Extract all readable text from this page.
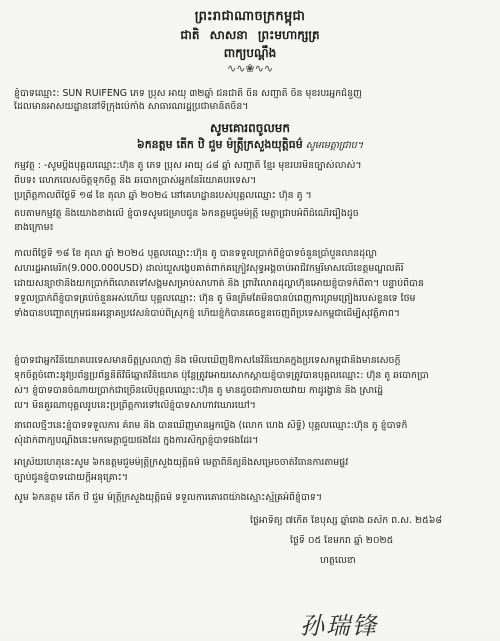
ព្រះរាជាណាចក្រកម្ពុជា
ជាតិ សាសនា ព្រះមហាក្សត្រ
ពាក្យបណ្តឹង
∿∿❀∿∿
ខ្ញុំបាទឈ្មោះ: SUN RUIFENG ភេទ ប្រុស អាយុ ៣២ឆ្នាំ ជនជាតិ ចិន សញ្ជាតិ ចិន មុខរបរអ្នកជំនួញ
ដែលមានអាសយដ្ឋាននៅទីក្រុងប៉េកាំង សាធារណរដ្ឋប្រជាមានិតចិន។
សូមគោរពចូលមក
៦កនត្ដម តើក ឋិ ជួម ម៉ត្ក្រីក្រសួងយុត្តិធម៌ សូមមេត្តាជ្រាប។
កម្មវត្ថុ : -សូមប្តឹងបុគ្គលឈ្មោះ:ហ៊ុន តូ ភេទ ប្រុស អាយុ ៤៨ ឆ្នាំ សញ្ជាតិ ខ្មែរ មុខរបរមិនច្បាស់លាស់។
ពីបទ៖ លោភលេសចិត្តទុកចិត្ត និង ឆបោកប្រាស់អ្នកនៃរិយោគបរទេស។
ប្រព្រឹត្តកាលពីថ្ងៃទី ១៨ ខែ តុលា ឆ្នាំ ២០២៤ នៅគេហដ្ឋានរបស់បុគ្គលឈ្មោះ ហ៊ុន តូ ។
តបតាមកម្មវត្ថុ និងយោងខាងលើ ខ្ញុំបាទសូមជម្រាបជូន ៦កនត្ដមជួមម៉ត្ក្រី មេត្តាជ្រាបអំពីដំណើររឿងដូច
ខាងក្រោម៖
កាលពីថ្ងៃទី ១៨ ខែ តុលា ឆ្នាំ ២០២៤ បុគ្គលឈ្មោះ:ហ៊ុន តូ បានទទួលប្រាក់ពីខ្ញុំបាទចំនួនប្រាំបួនលានដុល្លា
សហរដ្ឋអាមេរិក(9.000.000USD) ដាល់យួសង្ខេបគាត់ពាក់គក្រៀវសុទ្ធអង្គចាប់អាជីវកម្មរីមាសលើខេត្តមណ្ឌលគិរី
ដោយសន្យាថានឹងយកប្រាក់ពីលោតទៅសង្គមសម្រាប់សាហាត់ និង ព្រាវិលោតដុល្លាហ៊ុនអោយខ្ញុំបាទកំពីតា។ បន្ទាប់ពីបាន
ទទួលប្រាក់ពីខ្ញុំបាទគ្រប់ចំនួនអស់ហើយ បុគ្គលឈ្មោះ: ហ៊ុន តូ មិនត្រឹមតែមិនបានបំពេញការព្រមព្រៀងរបស់ខ្លួនទេ ថែម
ទាំងបានបញ្ឆោតក្រុមជនអន្តោគប្រវេសន៍បាប់ពីស្រុកខ្ញុំ ហើយខ្ញុំក៏បានគេចខ្លួនចេញពីប្រទេសកម្ពុជាដើម្បីសុវត្ថិភាព។
ខ្ញុំបាទជាអ្នកវិនិយោគបរទេសមានចិត្តស្រលាញ់ និង មើលឃើញឱកាសនៃវិនិយោគក្នុងប្រទេសកម្ពុជានិងមានសេចក្តី
ទុកចិត្តចំពោះនូវប្រព័ន្ធប្រព័ន្ធនិតិវិធីឆ្នោតវិនិយោគ ប៉ុន្តែត្រូវអោយសោកស្តាយខ្ញុំបាទត្រូវបានបុគ្គលឈ្មោះ: ហ៊ុន តូ ឆបោកប្រា
ស់។ ខ្ញុំបាទបានចំណាយប្រាក់ជាច្រើនលើបុគ្គលឈ្មោះ:ហ៊ុន តូ មានដូចជាការចាយវាយ កាដូរង្វាន់ និង ស្រាដ្ឋេ៍
ល។ មិនគួរណាបុគ្គលរូបនេះប្រព្រឹត្តការទៅលើខ្ញុំបាទសាហាវឃោរឃៅ។
នាពេលថ្មីៗនេះខ្ញុំបាទទទួលការ គំរាម និង បានឃើញមានអ្នកប្លើង (លោក ហេង សិទ្ធិ) បុគ្គលឈ្មោះ:ហ៊ុន តូ ខ្ញុំបាទក៏
សុំដាក់ពាក្យបណ្តឹងនេះមកមេត្តាជួយផងដែរ ក្នុងការសិក្សាខ្ញុំបាទផងដែរ។
អាស្រ័យហេតុនេះសូម ៦កនត្ដមជួមម៉ត្ក្រីក្រសួងយុត្តិធម៌ មេត្តាពិនិត្យនិងសម្រេចចាត់វិធានការតាមផ្លូវ
ច្បាប់ជូនខ្ញុំបាទដោយក្ដីអនុគ្រោះ។
សូម ៦កនត្ដម តើក ឋិ ជួម ម៉ត្ក្រីក្រសួងយុត្តិធម៌ ទទួលការគោរពយ៉ាងស្មោះស្ម័គ្រអំពីខ្ញុំបាទ។
ថ្ងៃអាទិត្យ ៧កើត ខែបុស្ស ឆ្នាំរោង ឆស័ក ព.ស. ២៥៦៨
ថ្ងៃទី ០៥ ខែមករា ឆ្នាំ ២០២៥
ហត្ថលេខា
孙瑞锋
